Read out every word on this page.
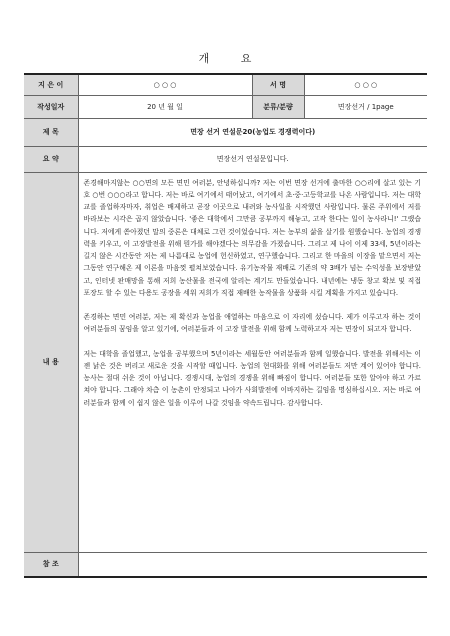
개 요
지 은 이	○ ○ ○	서 명	○ ○ ○
작성일자	20 년 월 일	분류/분량	면장선거 / 1page
제 목	면장 선거 연설문20(농업도 경쟁력이다)		
요 약	면장선거 연설문입니다.		
내 용	존경해마지않는 ○○면의 모든 면민 여러분, 안녕하십니까? 저는 이번 면장 선거에 출마한 ○○리에 살고 있는 기호 ○번 ○○○라고 합니다. 저는 바로 여기에서 태어났고, 여기에서 초·중·고등학교를 나온 사람입니다. 저는 대학교를 졸업하자마자, 취업은 배제하고 곧장 이곳으로 내려와 농사일을 시작했던 사람입니다. 물론 주위에서 저를 바라보는 시각은 곱지 않았습니다. '좋은 대학에서 그만큼 공부까지 해놓고, 고작 한다는 일이 농사라니!' 그랬습니다. 저에게 쏟아졌던 말의 중론은 대체로 그런 것이었습니다. 저는 농부의 삶을 살기를 원했습니다. 농업의 경쟁력을 키우고, 이 고장발전을 위해 뭔가를 해야겠다는 의무감을 가졌습니다. 그리고 제 나이 이제 33세, 5년이라는 길지 않은 시간동안 저는 제 나름대로 농업에 헌신하였고, 연구했습니다. 그리고 한 마을의 이장을 맡으면서 저는 그동안 연구해온 제 이론을 마음껏 펼쳐보였습니다. 유기농작물 재배로 기존의 약 3배가 넘는 수익성을 보장받았고, 인터넷 판매망을 통해 저희 농산물을 전국에 알리는 계기도 만들었습니다. 내년에는 냉동 창고 확보 및 직접 포장도 할 수 있는 다용도 공장을 세워 저희가 직접 재배한 농작물을 상품화 시킬 계획을 가지고 있습니다.

존경하는 면민 여러분, 저는 제 확신과 농업을 애열하는 마음으로 이 자리에 섰습니다. 제가 이루고자 하는 것이 여러분들의 꿈임을 알고 있기에, 여러분들과 이 고장 발전을 위해 함께 노력하고자 저는 면장이 되고자 합니다.

저는 대학을 졸업했고, 농업을 공부했으며 5년이라는 세월동안 여러분들과 함께 일했습니다. 발전을 위해서는 이젠 낡은 것은 버리고 새로운 것을 시작할 때입니다. 농업의 현대화를 위해 여러분들도 저만 계어 있어야 합니다. 농사는 절대 쉬운 것이 아닙니다. 경쟁시대, 농업의 경쟁을 위해 빠짐이 합니다. 여러분들 또한 알아야 하고 가르쳐야 합니다. 그래야 차츰 이 농촌이 안정되고 나아가 사회발전에 이바지하는 길임을 명심하십시오. 저는 바로 여러분들과 함께 이 쉽지 않은 일을 이루어 나갈 것임을 약속드립니다. 감사합니다.		

참 조			
